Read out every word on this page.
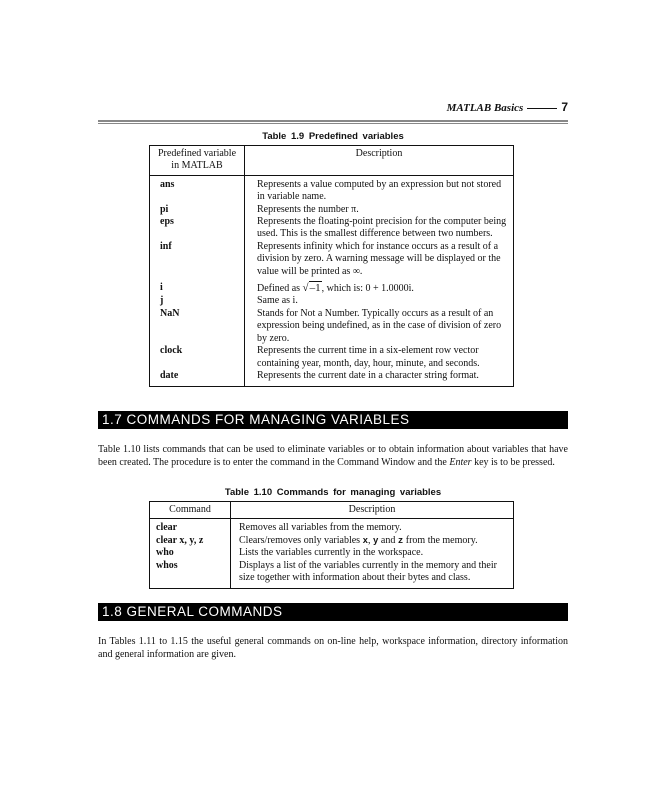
MATLAB Basics	7
Table 1.9 Predefined variables
Predefined variable in MATLAB	Description

ans	Represents a value computed by an expression but not stored in variable name.
pi	Represents the number π.
eps	Represents the floating-point precision for the computer being used. This is the smallest difference between two numbers.
inf	Represents infinity which for instance occurs as a result of a division by zero. A warning message will be displayed or the value will be printed as ∞.
i	Defined as √–1, which is: 0 + 1.0000i.
j	Same as i.
NaN	Stands for Not a Number. Typically occurs as a result of an expression being undefined, as in the case of division of zero by zero.
clock	Represents the current time in a six-element row vector containing year, month, day, hour, minute, and seconds.
date	Represents the current date in a character string format.
1.7 COMMANDS FOR MANAGING VARIABLES

Table 1.10 lists commands that can be used to eliminate variables or to obtain information about variables that have been created. The procedure is to enter the command in the Command Window and the Enter key is to be pressed.

Table 1.10 Commands for managing variables
Command	Description

clear	Removes all variables from the memory.
clear x, y, z	Clears/removes only variables x, y and z from the memory.
who	Lists the variables currently in the workspace.
whos	Displays a list of the variables currently in the memory and their size together with information about their bytes and class.
1.8 GENERAL COMMANDS

In Tables 1.11 to 1.15 the useful general commands on on-line help, workspace information, directory information and general information are given.
